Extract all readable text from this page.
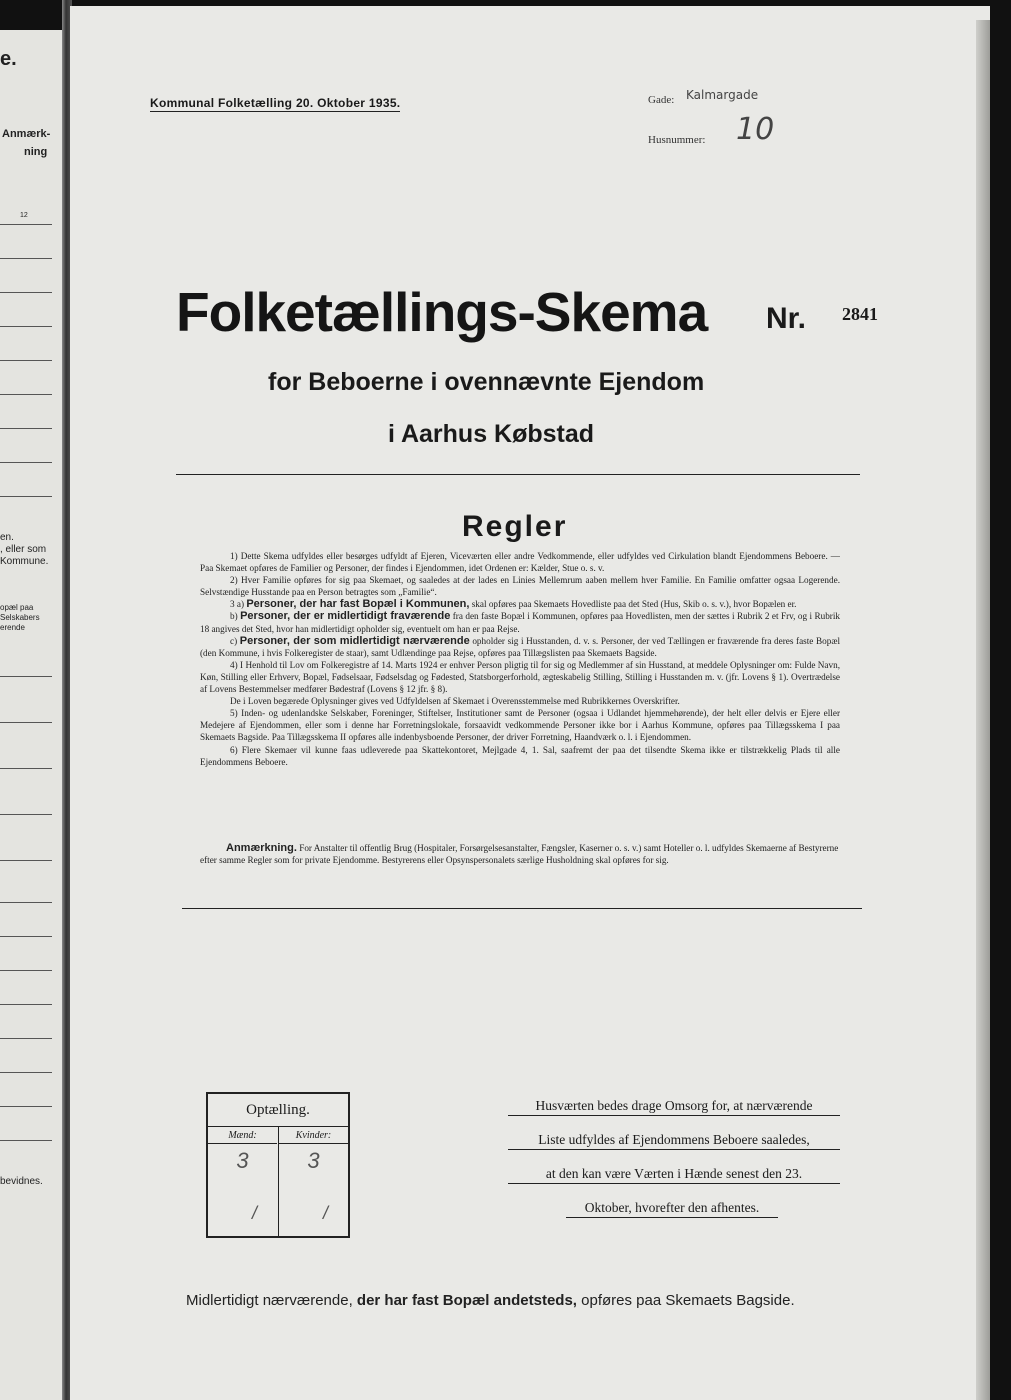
e.
Anmærk-
ning
12
en.
, eller som
Kommune.
opæl paa
Selskabers
erende
bevidnes.
Kommunal Folketælling 20. Oktober 1935.	Gade: Kalmargade
Husnummer: 10
Folketællings-Skema Nr. 2841
for Beboerne i ovennævnte Ejendom
i Aarhus Købstad
Regler

1) Dette Skema udfyldes eller besørges udfyldt af Ejeren, Viceværten eller andre Vedkommende, eller udfyldes ved Cirkulation blandt Ejendommens Beboere. — Paa Skemaet opføres de Familier og Personer, der findes i Ejendommen, idet Ordenen er: Kælder, Stue o. s. v.

2) Hver Familie opføres for sig paa Skemaet, og saaledes at der lades en Linies Mellemrum aaben mellem hver Familie. En Familie omfatter ogsaa Logerende. Selvstændige Husstande paa en Person betragtes som „Familie“.

3 a) Personer, der har fast Bopæl i Kommunen, skal opføres paa Skemaets Hovedliste paa det Sted (Hus, Skib o. s. v.), hvor Bopælen er.

b) Personer, der er midlertidigt fraværende fra den faste Bopæl i Kommunen, opføres paa Hovedlisten, men der sættes i Rubrik 2 et Frv, og i Rubrik 18 angives det Sted, hvor han midlertidigt opholder sig, eventuelt om han er paa Rejse.

c) Personer, der som midlertidigt nærværende opholder sig i Husstanden, d. v. s. Personer, der ved Tællingen er fraværende fra deres faste Bopæl (den Kommune, i hvis Folkeregister de staar), samt Udlændinge paa Rejse, opføres paa Tillægslisten paa Skemaets Bagside.

4) I Henhold til Lov om Folkeregistre af 14. Marts 1924 er enhver Person pligtig til for sig og Medlemmer af sin Husstand, at meddele Oplysninger om: Fulde Navn, Køn, Stilling eller Erhverv, Bopæl, Fødselsaar, Fødselsdag og Fødested, Statsborgerforhold, ægteskabelig Stilling, Stilling i Husstanden m. v. (jfr. Lovens § 1). Overtrædelse af Lovens Bestemmelser medfører Bødestraf (Lovens § 12 jfr. § 8).

De i Loven begærede Oplysninger gives ved Udfyldelsen af Skemaet i Overensstemmelse med Rubrikkernes Overskrifter.

5) Inden- og udenlandske Selskaber, Foreninger, Stiftelser, Institutioner samt de Personer (ogsaa i Udlandet hjemmehørende), der helt eller delvis er Ejere eller Medejere af Ejendommen, eller som i denne har Forretningslokale, forsaavidt vedkommende Personer ikke bor i Aarhus Kommune, opføres paa Tillægsskema I paa Skemaets Bagside. Paa Tillægsskema II opføres alle indenbysboende Personer, der driver Forretning, Haandværk o. l. i Ejendommen.

6) Flere Skemaer vil kunne faas udleverede paa Skattekontoret, Mejlgade 4, 1. Sal, saafremt der paa det tilsendte Skema ikke er tilstrækkelig Plads til alle Ejendommens Beboere.

Anmærkning. For Anstalter til offentlig Brug (Hospitaler, Forsørgelsesanstalter, Fængsler, Kaserner o. s. v.) samt Hoteller o. l. udfyldes Skemaerne af Bestyrerne efter samme Regler som for private Ejendomme. Bestyrerens eller Opsynspersonalets særlige Husholdning skal opføres for sig.

Optælling.
Mænd:
3
/
Kvinder:
3
/
Husværten bedes drage Omsorg for, at nærværende
Liste udfyldes af Ejendommens Beboere saaledes,
at den kan være Værten i Hænde senest den 23.
Oktober, hvorefter den afhentes.
Midlertidigt nærværende, der har fast Bopæl andetsteds, opføres paa Skemaets Bagside.
